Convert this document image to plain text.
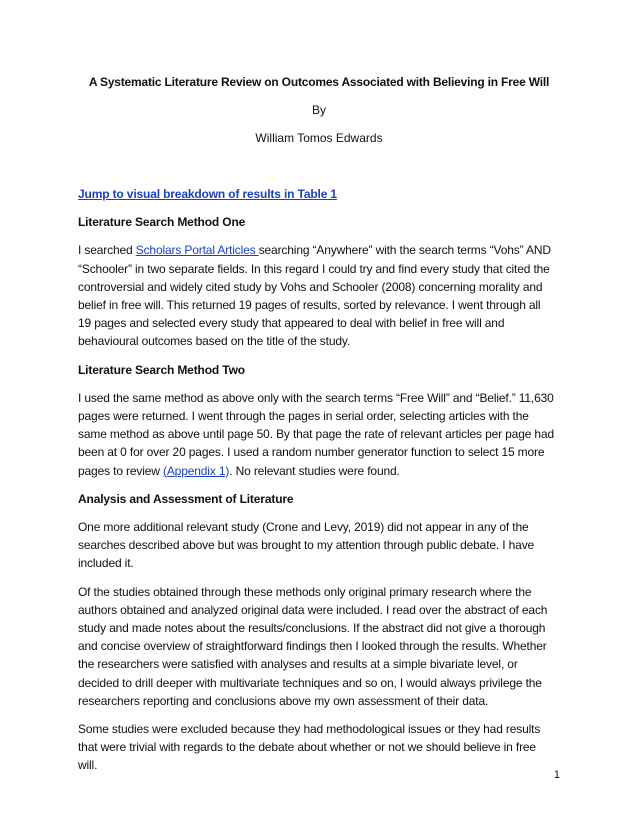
A Systematic Literature Review on Outcomes Associated with Believing in Free Will
By
William Tomos Edwards

Jump to visual breakdown of results in Table 1

Literature Search Method One

I searched Scholars Portal Articles searching “Anywhere” with the search terms “Vohs” AND “Schooler” in two separate fields. In this regard I could try and find every study that cited the controversial and widely cited study by Vohs and Schooler (2008) concerning morality and belief in free will. This returned 19 pages of results, sorted by relevance. I went through all 19 pages and selected every study that appeared to deal with belief in free will and behavioural outcomes based on the title of the study.

Literature Search Method Two

I used the same method as above only with the search terms “Free Will” and “Belief.” 11,630 pages were returned. I went through the pages in serial order, selecting articles with the same method as above until page 50. By that page the rate of relevant articles per page had been at 0 for over 20 pages. I used a random number generator function to select 15 more pages to review (Appendix 1). No relevant studies were found.

Analysis and Assessment of Literature

One more additional relevant study (Crone and Levy, 2019) did not appear in any of the searches described above but was brought to my attention through public debate. I have included it.

Of the studies obtained through these methods only original primary research where the authors obtained and analyzed original data were included. I read over the abstract of each study and made notes about the results/conclusions. If the abstract did not give a thorough and concise overview of straightforward findings then I looked through the results. Whether the researchers were satisfied with analyses and results at a simple bivariate level, or decided to drill deeper with multivariate techniques and so on, I would always privilege the researchers reporting and conclusions above my own assessment of their data.

Some studies were excluded because they had methodological issues or they had results that were trivial with regards to the debate about whether or not we should believe in free will.

1
